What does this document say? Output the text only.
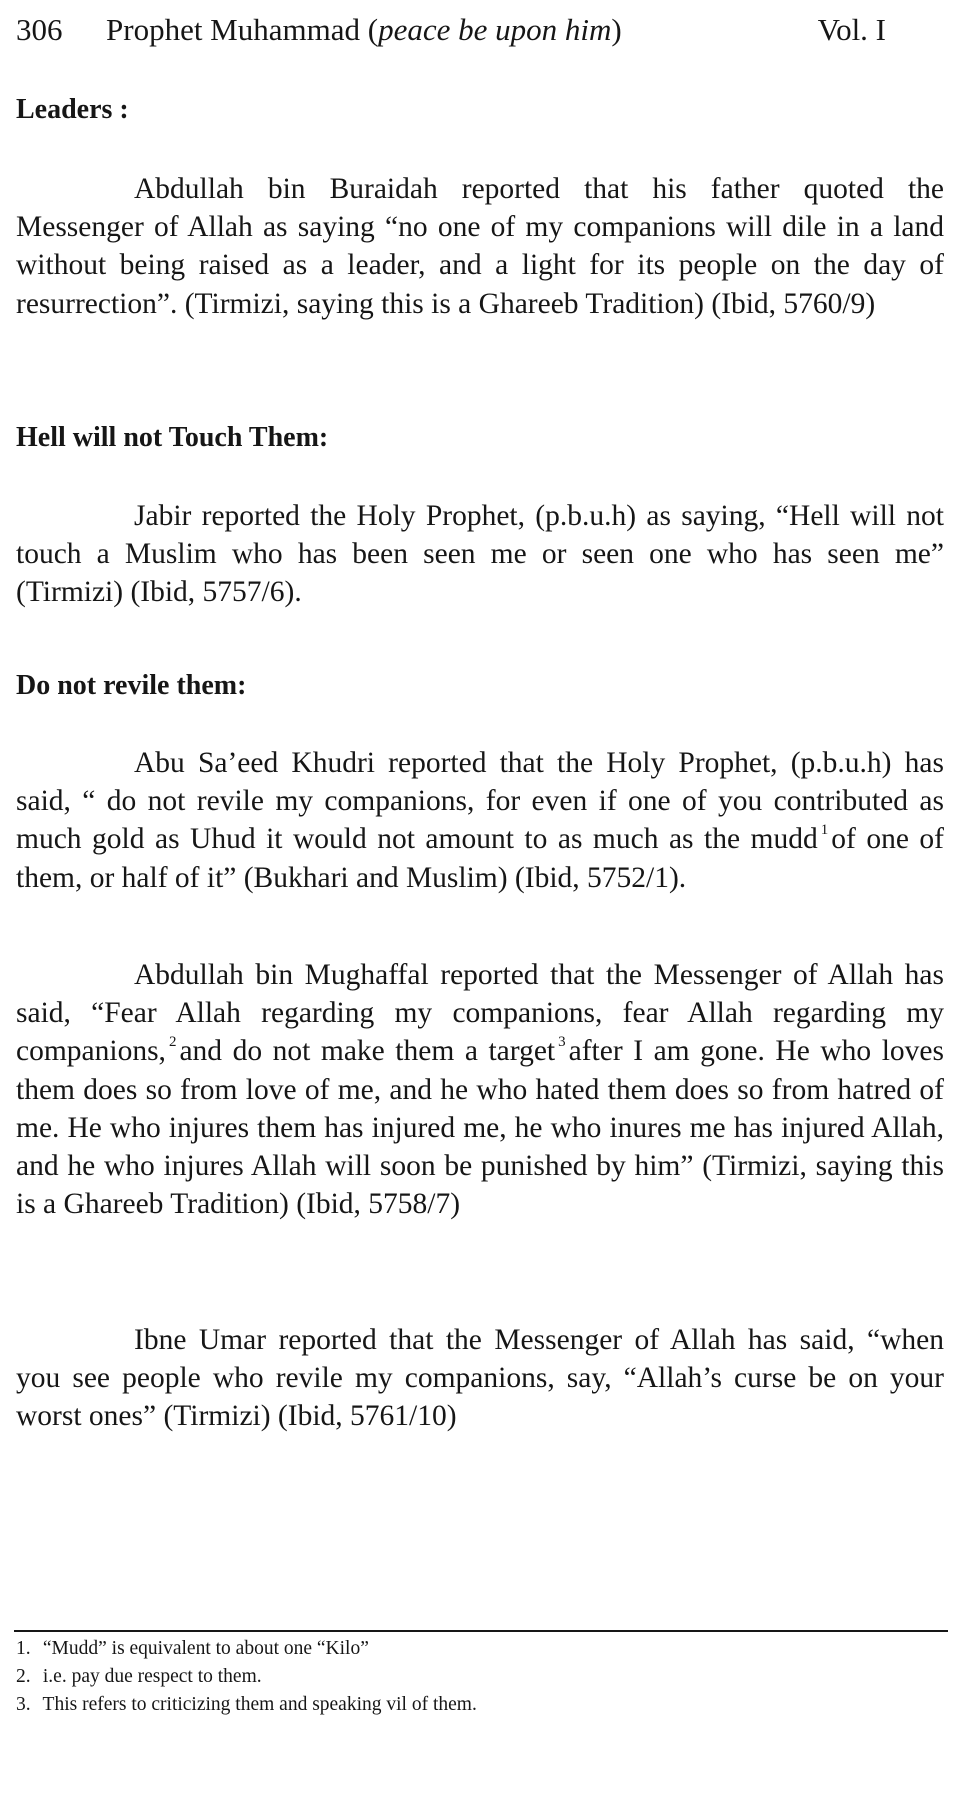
306 Prophet Muhammad (peace be upon him)	Vol. I
Leaders :
Abdullah bin Buraidah reported that his father quoted the Messenger of Allah as saying “no one of my companions will dile in a land without being raised as a leader, and a light for its people on the day of resurrection”. (Tirmizi, saying this is a Ghareeb Tradition) (Ibid, 5760/9)
Hell will not Touch Them:
Jabir reported the Holy Prophet, (p.b.u.h) as saying, “Hell will not touch a Muslim who has been seen me or seen one who has seen me” (Tirmizi) (Ibid, 5757/6).
Do not revile them:
Abu Sa’eed Khudri reported that the Holy Prophet, (p.b.u.h) has said, “ do not revile my companions, for even if one of you contributed as much gold as Uhud it would not amount to as much as the mudd $^1$ of one of them, or half of it” (Bukhari and Muslim) (Ibid, 5752/1).
Abdullah bin Mughaffal reported that the Messenger of Allah has said, “Fear Allah regarding my companions, fear Allah regarding my companions, $^2$ and do not make them a target $^3$ after I am gone. He who loves them does so from love of me, and he who hated them does so from hatred of me. He who injures them has injured me, he who inures me has injured Allah, and he who injures Allah will soon be punished by him” (Tirmizi, saying this is a Ghareeb Tradition) (Ibid, 5758/7)
Ibne Umar reported that the Messenger of Allah has said, “when you see people who revile my companions, say, “Allah’s curse be on your worst ones” (Tirmizi) (Ibid, 5761/10)
1. “Mudd” is equivalent to about one “Kilo”
2. i.e. pay due respect to them.
3. This refers to criticizing them and speaking vil of them.
